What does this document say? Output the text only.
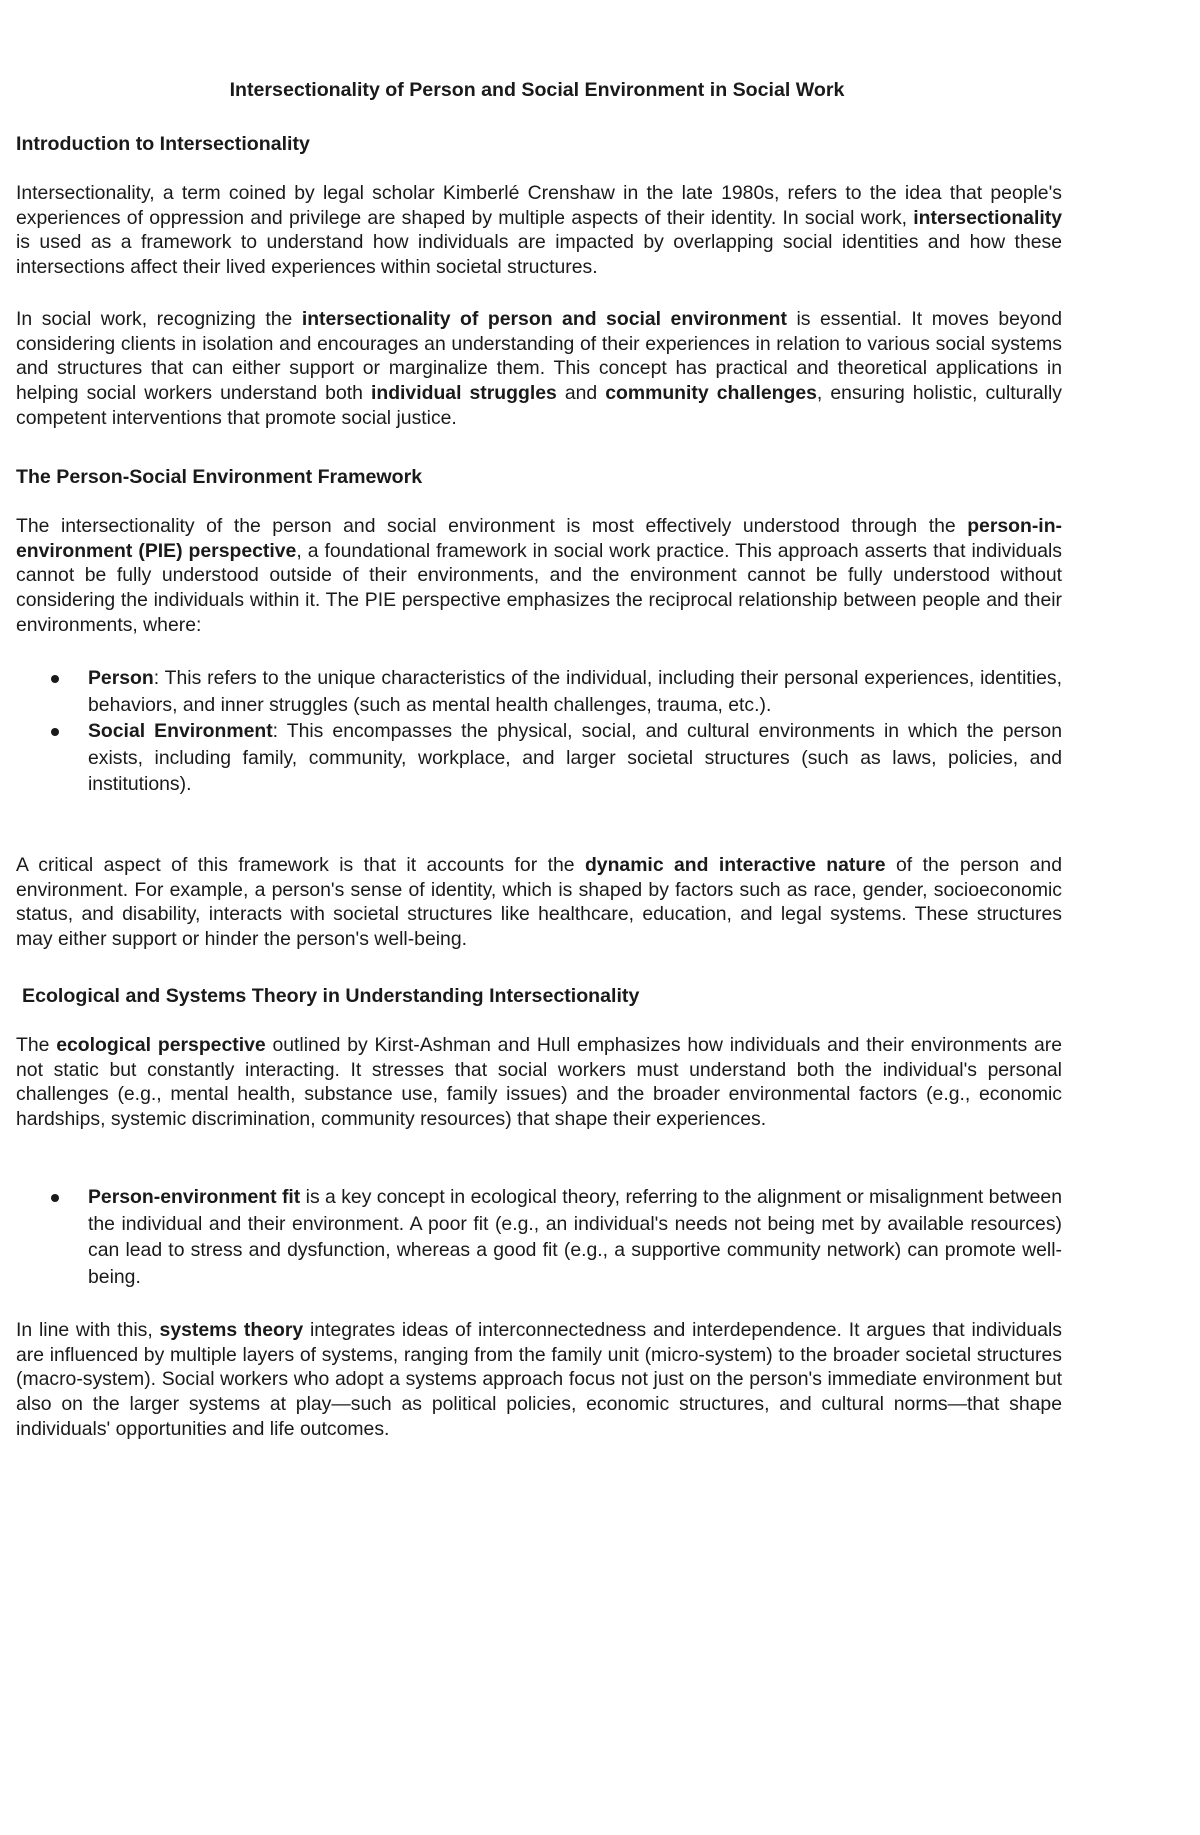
Intersectionality of Person and Social Environment in Social Work
Introduction to Intersectionality

Intersectionality, a term coined by legal scholar Kimberlé Crenshaw in the late 1980s, refers to the idea that people's experiences of oppression and privilege are shaped by multiple aspects of their identity. In social work, intersectionality is used as a framework to understand how individuals are impacted by overlapping social identities and how these intersections affect their lived experiences within societal structures.

In social work, recognizing the intersectionality of person and social environment is essential. It moves beyond considering clients in isolation and encourages an understanding of their experiences in relation to various social systems and structures that can either support or marginalize them. This concept has practical and theoretical applications in helping social workers understand both individual struggles and community challenges, ensuring holistic, culturally competent interventions that promote social justice.

The Person-Social Environment Framework

The intersectionality of the person and social environment is most effectively understood through the person-in-environment (PIE) perspective, a foundational framework in social work practice. This approach asserts that individuals cannot be fully understood outside of their environments, and the environment cannot be fully understood without considering the individuals within it. The PIE perspective emphasizes the reciprocal relationship between people and their environments, where:

Person: This refers to the unique characteristics of the individual, including their personal experiences, identities, behaviors, and inner struggles (such as mental health challenges, trauma, etc.).
Social Environment: This encompasses the physical, social, and cultural environments in which the person exists, including family, community, workplace, and larger societal structures (such as laws, policies, and institutions).

A critical aspect of this framework is that it accounts for the dynamic and interactive nature of the person and environment. For example, a person's sense of identity, which is shaped by factors such as race, gender, socioeconomic status, and disability, interacts with societal structures like healthcare, education, and legal systems. These structures may either support or hinder the person's well-being.

Ecological and Systems Theory in Understanding Intersectionality

The ecological perspective outlined by Kirst-Ashman and Hull emphasizes how individuals and their environments are not static but constantly interacting. It stresses that social workers must understand both the individual's personal challenges (e.g., mental health, substance use, family issues) and the broader environmental factors (e.g., economic hardships, systemic discrimination, community resources) that shape their experiences.

Person-environment fit is a key concept in ecological theory, referring to the alignment or misalignment between the individual and their environment. A poor fit (e.g., an individual's needs not being met by available resources) can lead to stress and dysfunction, whereas a good fit (e.g., a supportive community network) can promote well-being.

In line with this, systems theory integrates ideas of interconnectedness and interdependence. It argues that individuals are influenced by multiple layers of systems, ranging from the family unit (micro-system) to the broader societal structures (macro-system). Social workers who adopt a systems approach focus not just on the person's immediate environment but also on the larger systems at play—such as political policies, economic structures, and cultural norms—that shape individuals' opportunities and life outcomes.
